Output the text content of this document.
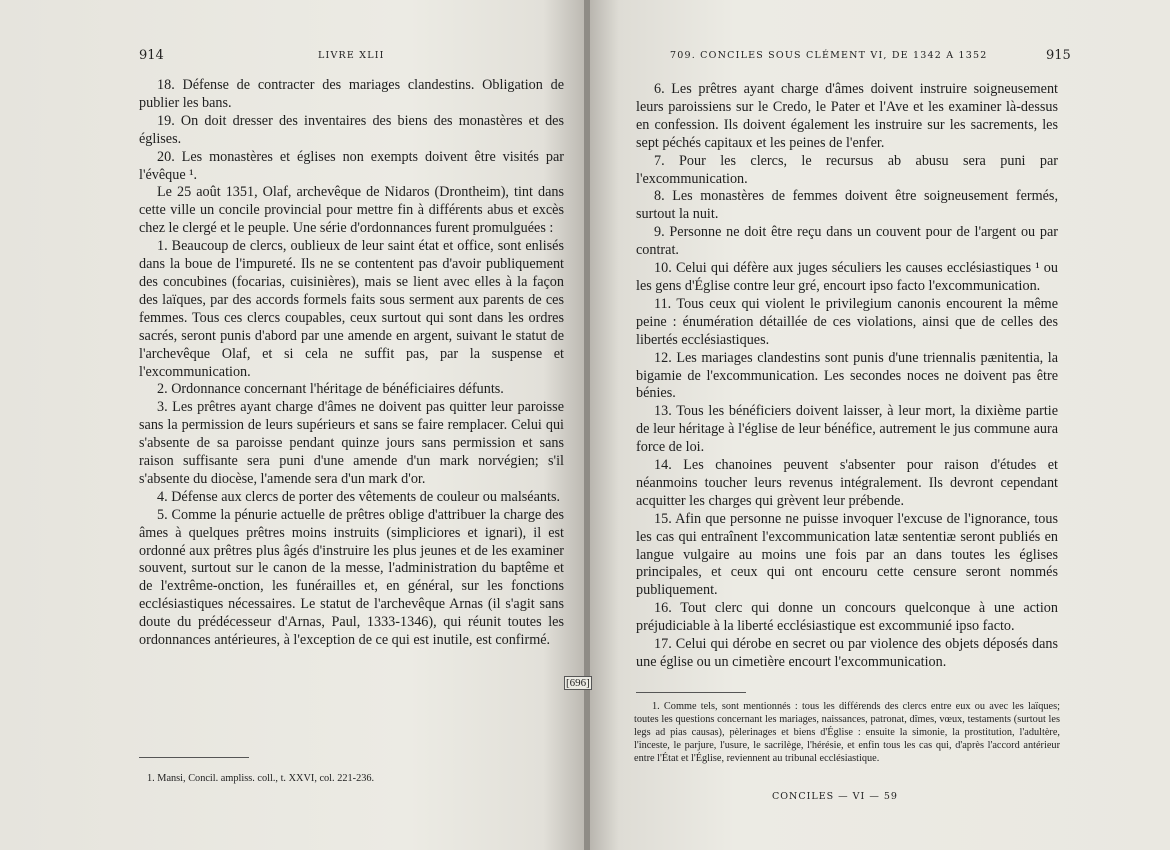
914	LIVRE XLII

18. Défense de contracter des mariages clandestins. Obligation de publier les bans.

19. On doit dresser des inventaires des biens des monastères et des églises.

20. Les monastères et églises non exempts doivent être visités par l'évêque ¹.

Le 25 août 1351, Olaf, archevêque de Nidaros (Drontheim), tint dans cette ville un concile provincial pour mettre fin à différents abus et excès chez le clergé et le peuple. Une série d'ordonnances furent promulguées :

1. Beaucoup de clercs, oublieux de leur saint état et office, sont enlisés dans la boue de l'impureté. Ils ne se contentent pas d'avoir publiquement des concubines (focarias, cuisinières), mais se lient avec elles à la façon des laïques, par des accords formels faits sous serment aux parents de ces femmes. Tous ces clercs coupables, ceux surtout qui sont dans les ordres sacrés, seront punis d'abord par une amende en argent, suivant le statut de l'archevêque Olaf, et si cela ne suffit pas, par la suspense et l'excommunication.

2. Ordonnance concernant l'héritage de bénéficiaires défunts.

3. Les prêtres ayant charge d'âmes ne doivent pas quitter leur paroisse sans la permission de leurs supérieurs et sans se faire remplacer. Celui qui s'absente de sa paroisse pendant quinze jours sans permission et sans raison suffisante sera puni d'une amende d'un mark norvégien; s'il s'absente du diocèse, l'amende sera d'un mark d'or.

4. Défense aux clercs de porter des vêtements de couleur ou malséants.

5. Comme la pénurie actuelle de prêtres oblige d'attribuer la charge des âmes à quelques prêtres moins instruits (simpliciores et ignari), il est ordonné aux prêtres plus âgés d'instruire les plus jeunes et de les examiner souvent, surtout sur le canon de la messe, l'administration du baptême et de l'extrême-onction, les funérailles et, en général, sur les fonctions ecclésiastiques nécessaires. Le statut de l'archevêque Arnas (il s'agit sans doute du prédécesseur d'Arnas, Paul, 1333-1346), qui réunit toutes les ordonnances antérieures, à l'exception de ce qui est inutile, est confirmé.

[696]

1. Mansi, Concil. ampliss. coll., t. XXVI, col. 221-236.

709. CONCILES SOUS CLÉMENT VI, DE 1342 A 1352	915

6. Les prêtres ayant charge d'âmes doivent instruire soigneusement leurs paroissiens sur le Credo, le Pater et l'Ave et les examiner là-dessus en confession. Ils doivent également les instruire sur les sacrements, les sept péchés capitaux et les peines de l'enfer.

7. Pour les clercs, le recursus ab abusu sera puni par l'excommunication.

8. Les monastères de femmes doivent être soigneusement fermés, surtout la nuit.

9. Personne ne doit être reçu dans un couvent pour de l'argent ou par contrat.

10. Celui qui défère aux juges séculiers les causes ecclésiastiques ¹ ou les gens d'Église contre leur gré, encourt ipso facto l'excommunication.

11. Tous ceux qui violent le privilegium canonis encourent la même peine : énumération détaillée de ces violations, ainsi que de celles des libertés ecclésiastiques.

12. Les mariages clandestins sont punis d'une triennalis pænitentia, la bigamie de l'excommunication. Les secondes noces ne doivent pas être bénies.

13. Tous les bénéficiers doivent laisser, à leur mort, la dixième partie de leur héritage à l'église de leur bénéfice, autrement le jus commune aura force de loi.

14. Les chanoines peuvent s'absenter pour raison d'études et néanmoins toucher leurs revenus intégralement. Ils devront cependant acquitter les charges qui grèvent leur prébende.

15. Afin que personne ne puisse invoquer l'excuse de l'ignorance, tous les cas qui entraînent l'excommunication latæ sententiæ seront publiés en langue vulgaire au moins une fois par an dans toutes les églises principales, et ceux qui ont encouru cette censure seront nommés publiquement.

16. Tout clerc qui donne un concours quelconque à une action préjudiciable à la liberté ecclésiastique est excommunié ipso facto.

17. Celui qui dérobe en secret ou par violence des objets déposés dans une église ou un cimetière encourt l'excommunication.

1. Comme tels, sont mentionnés : tous les différends des clercs entre eux ou avec les laïques; toutes les questions concernant les mariages, naissances, patronat, dîmes, vœux, testaments (surtout les legs ad pias causas), pèlerinages et biens d'Église : ensuite la simonie, la prostitution, l'adultère, l'inceste, le parjure, l'usure, le sacrilège, l'hérésie, et enfin tous les cas qui, d'après l'accord antérieur entre l'État et l'Église, reviennent au tribunal ecclésiastique.

CONCILES — VI — 59
